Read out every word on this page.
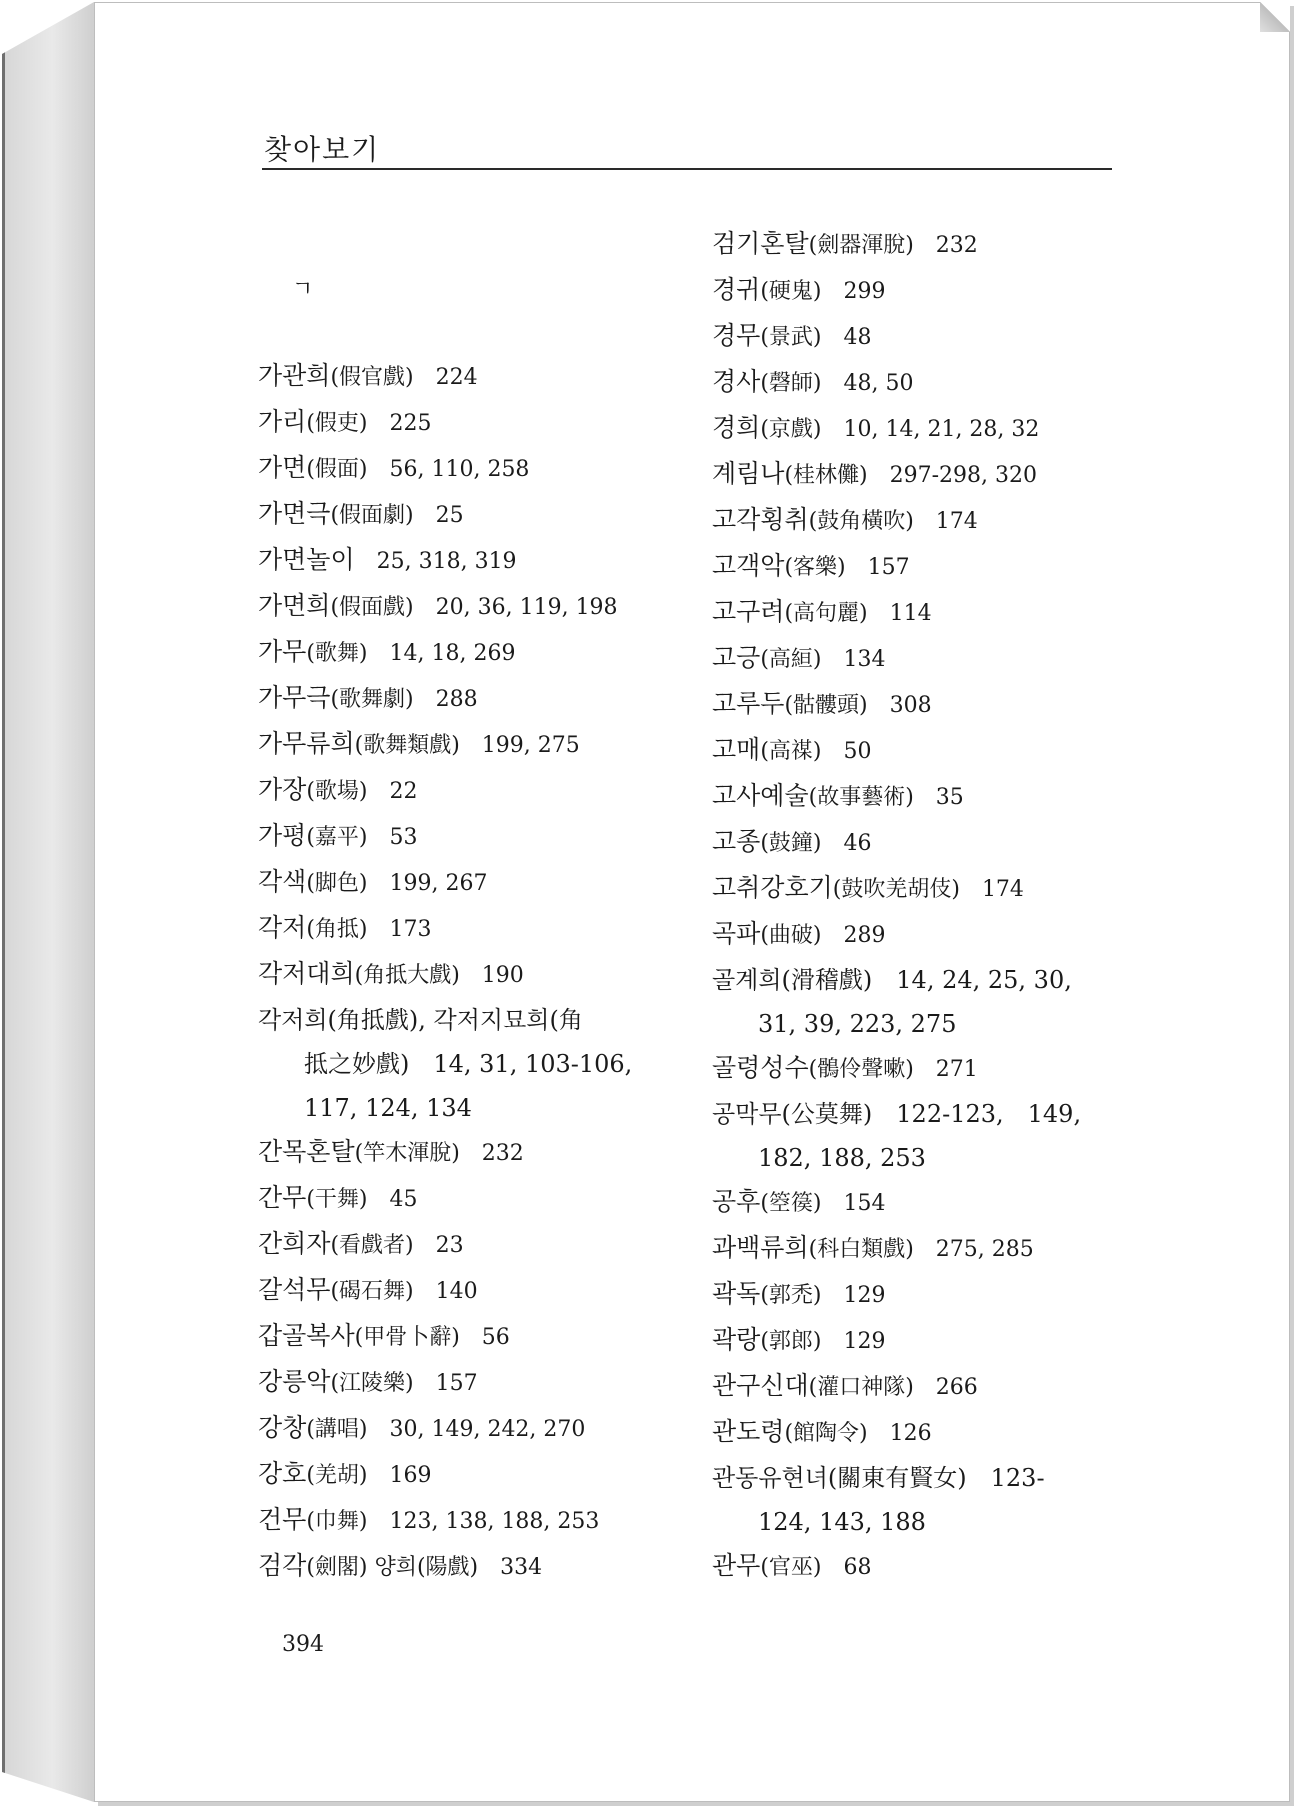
찾아보기
ㄱ
가관희(假官戲) 224
가리(假吏) 225
가면(假面) 56, 110, 258
가면극(假面劇) 25
가면놀이 25, 318, 319
가면희(假面戲) 20, 36, 119, 198
가무(歌舞) 14, 18, 269
가무극(歌舞劇) 288
가무류희(歌舞類戲) 199, 275
가장(歌場) 22
가평(嘉平) 53
각색(脚色) 199, 267
각저(角抵) 173
각저대희(角抵大戲) 190
각저희(角抵戲), 각저지묘희(角
抵之妙戲)　14, 31, 103-106,
117, 124, 134
간목혼탈(竿木渾脫) 232
간무(干舞) 45
간희자(看戲者) 23
갈석무(碣石舞) 140
갑골복사(甲骨卜辭) 56
강릉악(江陵樂) 157
강창(講唱) 30, 149, 242, 270
강호(羌胡) 169
건무(巾舞) 123, 138, 188, 253
검각(劍閣) 양희(陽戲) 334
검기혼탈(劍器渾脫) 232
경귀(硬鬼) 299
경무(景武) 48
경사(磬師) 48, 50
경희(京戲) 10, 14, 21, 28, 32
계림나(桂林儺) 297-298, 320
고각횡취(鼓角橫吹) 174
고객악(客樂) 157
고구려(高句麗) 114
고긍(高絙) 134
고루두(骷髏頭) 308
고매(高禖) 50
고사예술(故事藝術) 35
고종(鼓鐘) 46
고취강호기(鼓吹羌胡伎) 174
곡파(曲破) 289
골계희(滑稽戲)　14, 24, 25, 30,
31, 39, 223, 275
골령성수(鶻伶聲嗽) 271
공막무(公莫舞)　122-123,　149,
182, 188, 253
공후(箜篌) 154
과백류희(科白類戲) 275, 285
곽독(郭禿) 129
곽랑(郭郎) 129
관구신대(灌口神隊) 266
관도령(館陶令) 126
관동유현녀(關東有賢女)　123-
124, 143, 188
관무(官巫) 68
394
